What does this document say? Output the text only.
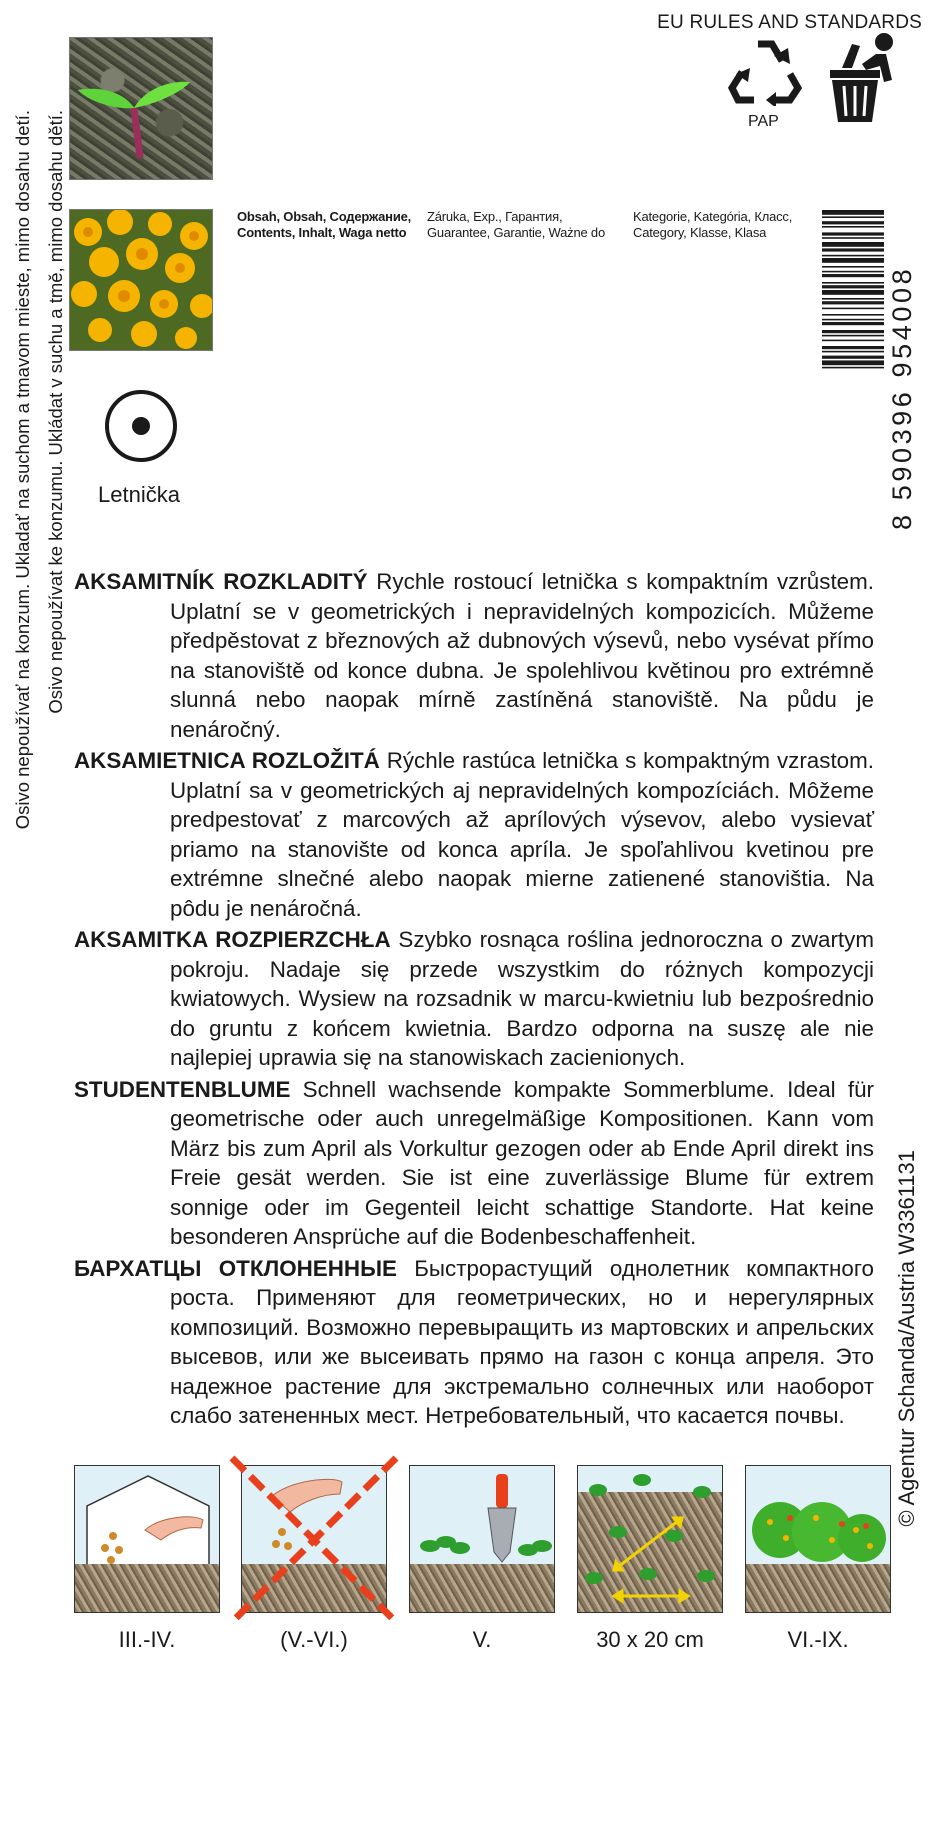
Osivo nepoužívať na konzum. Ukladať na suchom a tmavom mieste, mimo dosahu detí. Osivo nepoužívat ke konzumu. Ukládat v suchu a tmě, mimo dosahu dětí.
© Agentur Schanda/Austria W3361131
EU RULES AND STANDARDS
PAP
Letnička
Obsah, Obsah, Содержание,
Contents, Inhalt, Waga netto
Záruka, Exp., Гарантия,
Guarantee, Garantie, Ważne do
Kategorie, Kategória, Класс,
Category, Klasse, Klasa
8 590396 954008

AKSAMITNÍK ROZKLADITÝ Rychle rostoucí letnička s kompaktním vzrůstem. Uplatní se v geometrických i nepravidelných kompozicích. Můžeme předpěstovat z březnových až dubnových výsevů, nebo vysévat přímo na stanoviště od konce dubna. Je spolehlivou květinou pro extrémně slunná nebo naopak mírně zastíněná stanoviště. Na půdu je nenáročný.

AKSAMIETNICA ROZLOŽITÁ Rýchle rastúca letnička s kompaktným vzrastom. Uplatní sa v geometrických aj nepravidelných kompozíciách. Môžeme predpestovať z marcových až aprílových výsevov, alebo vysievať priamo na stanovište od konca apríla. Je spoľahlivou kvetinou pre extrémne slnečné alebo naopak mierne zatienené stanovištia. Na pôdu je nenáročná.

AKSAMITKA ROZPIERZCHŁA Szybko rosnąca roślina jednoroczna o zwartym pokroju. Nadaje się przede wszystkim do różnych kompozycji kwiatowych. Wysiew na rozsadnik w marcu-kwietniu lub bezpośrednio do gruntu z końcem kwietnia. Bardzo odporna na suszę ale nie najlepiej uprawia się na stanowiskach zacienionych.

STUDENTENBLUME Schnell wachsende kompakte Sommerblume. Ideal für geometrische oder auch unregelmäßige Kompositionen. Kann vom März bis zum April als Vorkultur gezogen oder ab Ende April direkt ins Freie gesät werden. Sie ist eine zuverlässige Blume für extrem sonnige oder im Gegenteil leicht schattige Standorte. Hat keine besonderen Ansprüche auf die Bodenbeschaffenheit.

БАРХАТЦЫ ОТКЛОНЕННЫЕ Быстрорастущий однолетник компактного роста. Применяют для геометрических, но и нерегулярных композиций. Возможно перевыращить из мартовских и апрельских высевов, или же высеивать прямо на газон с конца апреля. Это надежное растение для экстремально солнечных или наоборот слабо затененных мест. Нетребовательный, что касается почвы.

III.-IV.	(V.-VI.)	V.	30 x 20 cm	VI.-IX.
